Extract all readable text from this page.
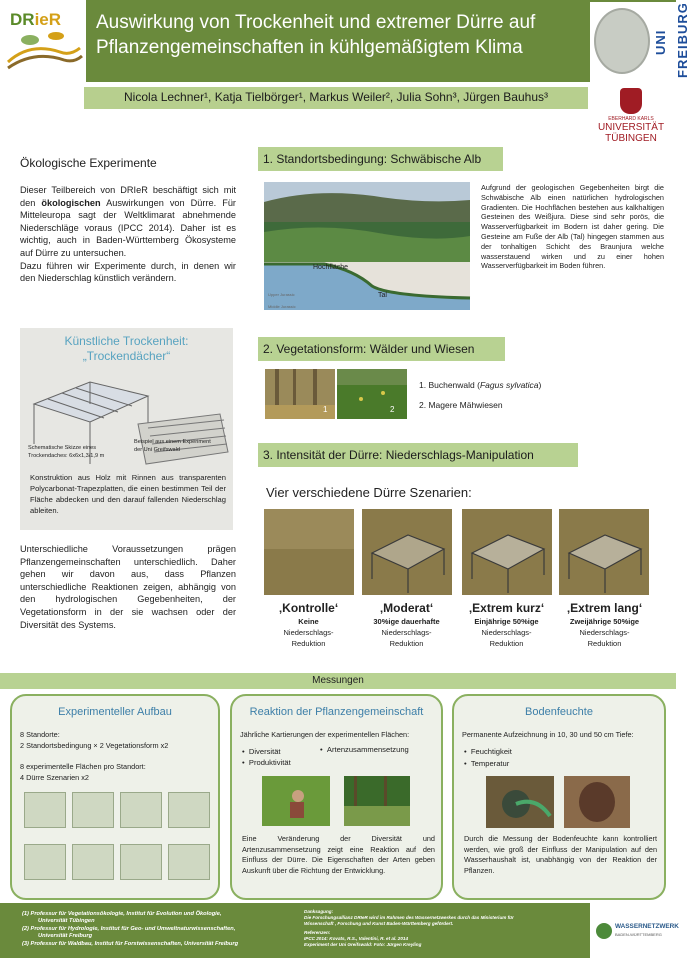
DRieR Auswirkung von Trockenheit und extremer Dürre auf
Pflanzengemeinschaften in kühlgemäßigtem Klima	UNI FREIBURG
Nicola Lechner¹, Katja Tielbörger¹, Markus Weiler², Julia Sohn³, Jürgen Bauhus³
EBERHARD KARLS
UNIVERSITÄT
TÜBINGEN
Ökologische Experimente
Dieser Teilbereich von DRIeR beschäftigt sich mit den ökologischen Auswirkungen von Dürre. Für Mitteleuropa sagt der Weltklimarat abnehmende Niederschläge voraus (IPCC 2014). Daher ist es wichtig, auch in Baden-Württemberg Ökosysteme auf Dürre zu untersuchen.
Dazu führen wir Experimente durch, in denen wir den Niederschlag künstlich verändern.
Künstliche Trockenheit:
„Trockendächer“
Schematische Skizze eines
Trockendaches: 6x6x1,3/1,9 m
Beispiel aus einem Experiment
der Uni Greifswald
Konstruktion aus Holz mit Rinnen aus transparenten Polycarbonat-Trapezplatten, die einen bestimmen Teil der Fläche abdecken und den darauf fallenden Niederschlag ableiten.
Unterschiedliche Voraussetzungen prägen Pflanzengemeinschaften unterschiedlich. Daher gehen wir davon aus, dass Pflanzen unterschiedliche Reaktionen zeigen, abhängig von den hydrologischen Gegebenheiten, der Vegetationsform in der sie wachsen oder der Diversität des Systems.
1. Standortsbedingung: Schwäbische Alb
Hochfläche
Tal
Upper Jurassic
Middle Jurassic
Aufgrund der geologischen Gegebenheiten birgt die Schwäbische Alb einen natürlichen hydrologischen Gradienten. Die Hochflächen bestehen aus kalkhaltigen Gesteinen des Weißjura. Diese sind sehr porös, die Wasserverfügbarkeit im Bodern ist daher gering. Die Gesteine am Fuße der Alb (Tal) hingegen stammen aus der tonhaltigen Schicht des Braunjura welche wasserstauend wirken und zu einer hohen Wasserverfügbarkeit im Boden führen.
2. Vegetationsform: Wälder und Wiesen
1	2
1. Buchenwald (Fagus sylvatica)
2. Magere Mähwiesen
3. Intensität der Dürre: Niederschlags-Manipulation
Vier verschiedene Dürre Szenarien:
‚Kontrolle‘
Keine
Niederschlags-
Reduktion
‚Moderat‘
30%ige dauerhafte
Niederschlags-
Reduktion
‚Extrem kurz‘
Einjährige 50%ige
Niederschlags-
Reduktion
‚Extrem lang‘
Zweijährige 50%ige
Niederschlags-
Reduktion
Messungen
Experimenteller Aufbau
8 Standorte:
2 Standortsbedingung × 2 Vegetationsform x2
8 experimentelle Flächen pro Standort:
4 Dürre Szenarien x2
Reaktion der Pflanzengemeinschaft
Jährliche Kartierungen der experimentellen Flächen:
•  Diversität
•  Produktivität
•  Artenzusammensetzung
Eine Veränderung der Diversität und Artenzusammensetzung zeigt eine Reaktion auf den Einfluss der Dürre. Die Eigenschaften der Arten geben Auskunft über die Richtung der Entwicklung.
Bodenfeuchte
Permanente Aufzeichnung in 10, 30 und 50 cm Tiefe:
•  Feuchtigkeit
•  Temperatur
Durch die Messung der Bodenfeuchte kann kontrolliert werden, wie groß der Einfluss der Manipulation auf den Wasserhaushalt ist, unabhängig von der Reaktion der Pflanzen.
(1) Professur für Vegetationsökologie, Institut für Evolution und Ökologie,
Universität Tübingen
(2) Professur für Hydrologie, Institut für Geo- und Umweltnaturwissenschaften,
Universität Freiburg
(3) Professur für Waldbau, Institut für Forstwissenschaften, Universität Freiburg
Danksagung:
Die Forschungsallianz DRIeR wird im Rahmen des Wassernetzwerkes durch das Ministerium für
Wissenschaft , Forschung und Kunst Baden-Württemberg gefördert.
Referenzen:
IPCC 2014: Kovats, R.S., Valentini, R. et al. 2014
Experiment der Uni Greifswald: Foto: Jürgen Kreyling
WASSERNETZWERK
BADEN-WÜRTTEMBERG
